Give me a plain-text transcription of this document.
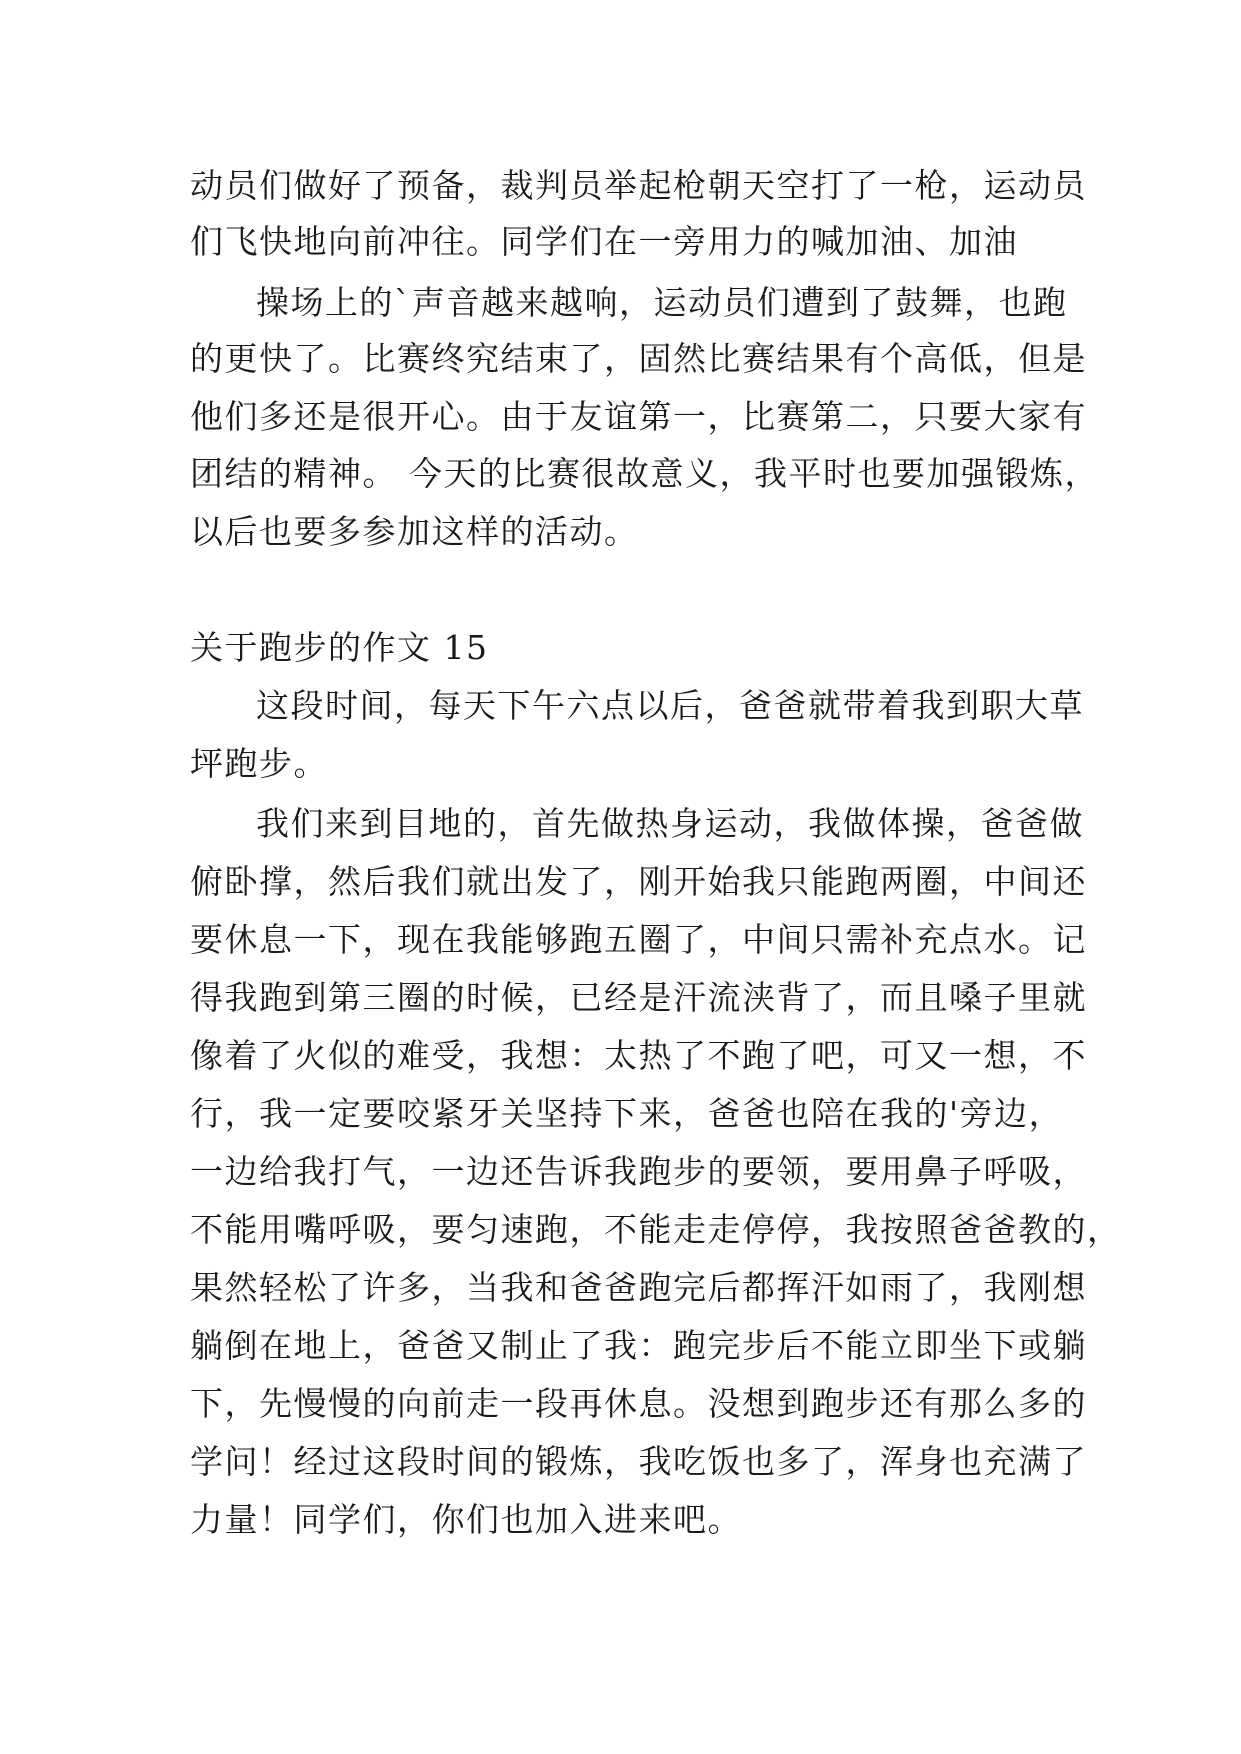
动员们做好了预备，裁判员举起枪朝天空打了一枪，运动员
们飞快地向前冲往。同学们在一旁用力的喊加油、加油
操场上的`声音越来越响，运动员们遭到了鼓舞，也跑
的更快了。比赛终究结束了，固然比赛结果有个高低，但是
他们多还是很开心。由于友谊第一，比赛第二，只要大家有
团结的精神。 今天的比赛很故意义，我平时也要加强锻炼，
以后也要多参加这样的活动。
关于跑步的作文 15
这段时间，每天下午六点以后，爸爸就带着我到职大草
坪跑步。
我们来到目地的，首先做热身运动，我做体操，爸爸做
俯卧撑，然后我们就出发了，刚开始我只能跑两圈，中间还
要休息一下，现在我能够跑五圈了，中间只需补充点水。记
得我跑到第三圈的时候，已经是汗流浃背了，而且嗓子里就
像着了火似的难受，我想：太热了不跑了吧，可又一想，不
行，我一定要咬紧牙关坚持下来，爸爸也陪在我的'旁边，
一边给我打气，一边还告诉我跑步的要领，要用鼻子呼吸，
不能用嘴呼吸，要匀速跑，不能走走停停，我按照爸爸教的，
果然轻松了许多，当我和爸爸跑完后都挥汗如雨了，我刚想
躺倒在地上，爸爸又制止了我：跑完步后不能立即坐下或躺
下，先慢慢的向前走一段再休息。没想到跑步还有那么多的
学问！经过这段时间的锻炼，我吃饭也多了，浑身也充满了
力量！同学们，你们也加入进来吧。
